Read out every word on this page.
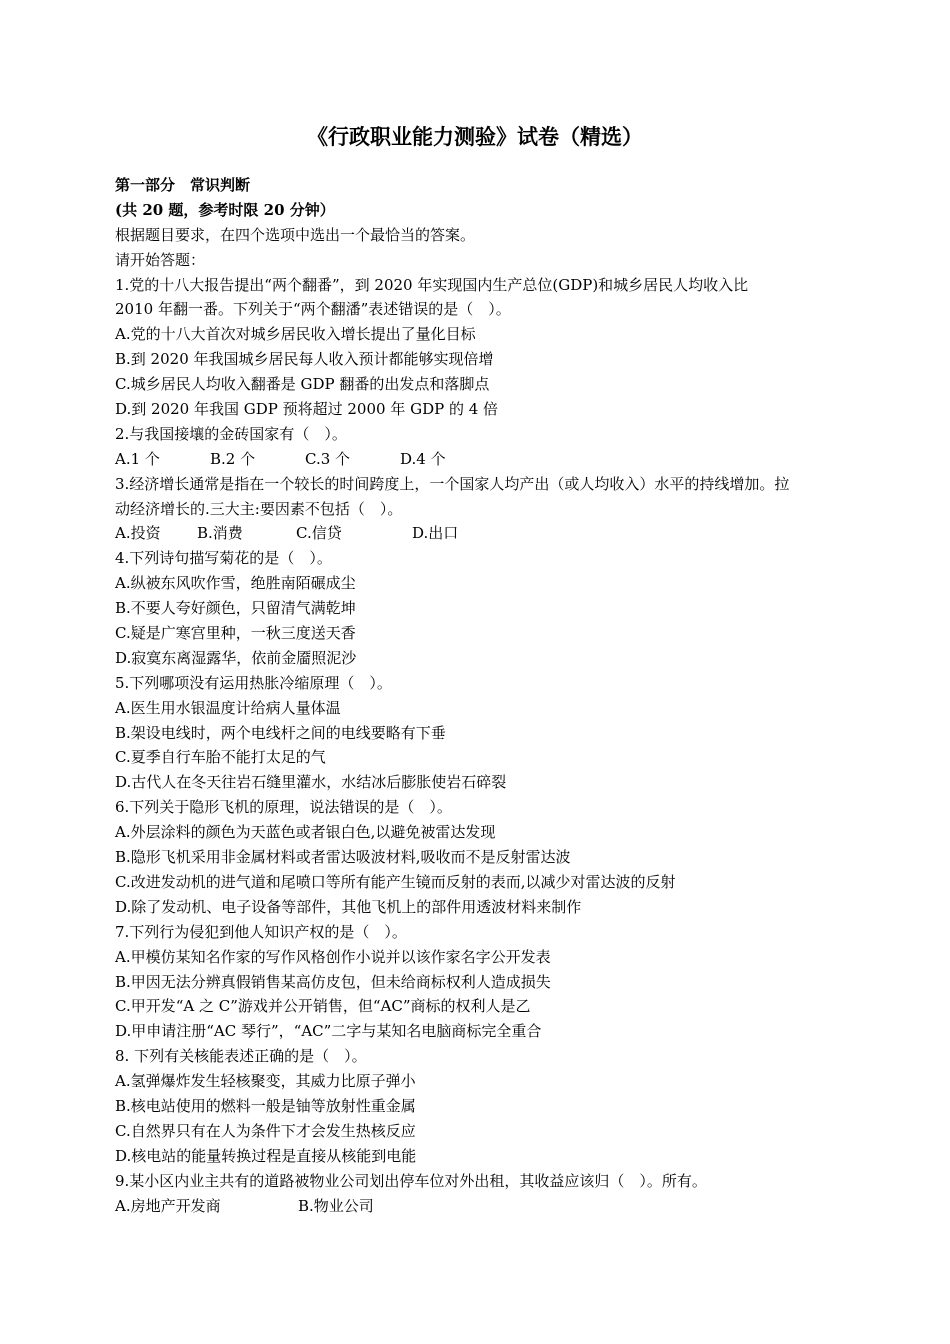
《行政职业能力测验》试卷（精选）
第一部分　常识判断
(共 20 题，参考时限 20 分钟）
根据题目要求，在四个选项中选出一个最恰当的答案。
请开始答题：
1.党的十八大报告提出“两个翻番”，到 2020 年实现国内生产总位(GDP)和城乡居民人均收入比
2010 年翻一番。下列关于“两个翻潘”表述错误的是（　）。
A.党的十八大首次对城乡居民收入增长提出了量化目标
B.到 2020 年我国城乡居民每人收入预计都能够实现倍增
C.城乡居民人均收入翻番是 GDP 翻番的出发点和落脚点
D.到 2020 年我国 GDP 预将超过 2000 年 GDP 的 4 倍
2.与我国接壤的金砖国家有（　）。
A.1 个	B.2 个	C.3 个	D.4 个
3.经济增长通常是指在一个较长的时间跨度上，一个国家人均产出（或人均收入）水平的持线增加。拉
动经济增长的.三大主:要因素不包括（　）。
A.投资 B.消费	C.信贷	D.出口
4.下列诗句描写菊花的是（　）。
A.纵被东风吹作雪，绝胜南陌碾成尘
B.不要人夸好颜色，只留清气满乾坤
C.疑是广寒宫里种，一秋三度送天香
D.寂寞东离湿露华，依前金靥照泥沙
5.下列哪项没有运用热胀冷缩原理（　）。
A.医生用水银温度计给病人量体温
B.架设电线时，两个电线杆之间的电线要略有下垂
C.夏季自行车胎不能打太足的气
D.古代人在冬天往岩石缝里灌水，水结冰后膨胀使岩石碎裂
6.下列关于隐形飞机的原理，说法错误的是（　）。
A.外层涂料的颜色为天蓝色或者银白色,以避免被雷达发现
B.隐形飞机采用非金属材料或者雷达吸波材料,吸收而不是反射雷达波
C.改进发动机的进气道和尾喷口等所有能产生镜而反射的表而,以减少对雷达波的反射
D.除了发动机、电子设备等部件，其他飞机上的部件用透波材料来制作
7.下列行为侵犯到他人知识产权的是（　）。
A.甲模仿某知名作家的写作风格创作小说并以该作家名字公开发表
B.甲因无法分辨真假销售某高仿皮包，但未给商标权利人造成损失
C.甲开发“A 之 C”游戏并公开销售，但“AC”商标的权利人是乙
D.甲申请注册“AC 琴行”，“AC”二字与某知名电脑商标完全重合
8. 下列有关核能表述正确的是（　）。
A.氢弹爆炸发生轻核聚变，其威力比原子弹小
B.核电站使用的燃料一般是铀等放射性重金属
C.自然界只有在人为条件下才会发生热核反应
D.核电站的能量转换过程是直接从核能到电能
9.某小区内业主共有的道路被物业公司划出停车位对外出租，其收益应该归（　）。所有。
A.房地产开发商	B.物业公司
